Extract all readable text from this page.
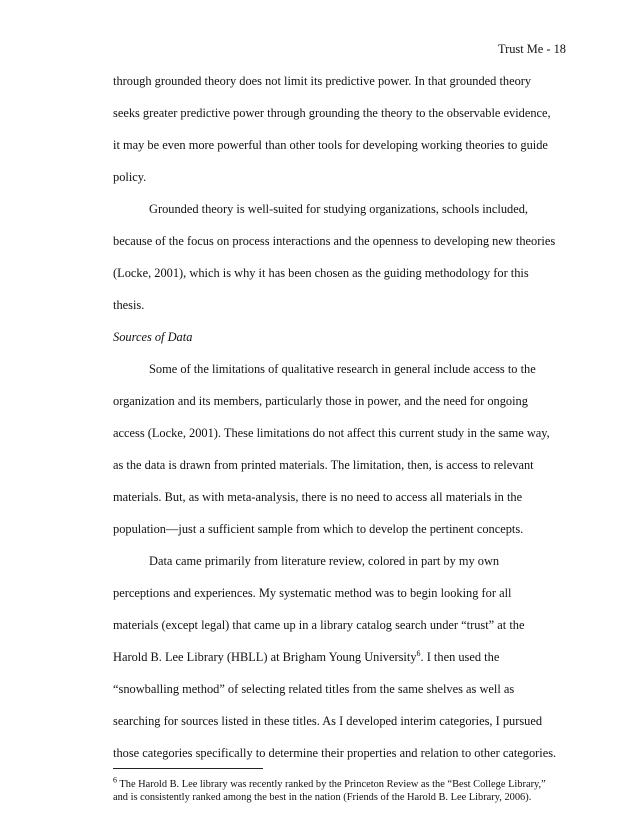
Trust Me - 18
through grounded theory does not limit its predictive power. In that grounded theory
seeks greater predictive power through grounding the theory to the observable evidence,
it may be even more powerful than other tools for developing working theories to guide
policy.
Grounded theory is well-suited for studying organizations, schools included,
because of the focus on process interactions and the openness to developing new theories
(Locke, 2001), which is why it has been chosen as the guiding methodology for this
thesis.
Sources of Data
Some of the limitations of qualitative research in general include access to the
organization and its members, particularly those in power, and the need for ongoing
access (Locke, 2001). These limitations do not affect this current study in the same way,
as the data is drawn from printed materials. The limitation, then, is access to relevant
materials. But, as with meta-analysis, there is no need to access all materials in the
population—just a sufficient sample from which to develop the pertinent concepts.
Data came primarily from literature review, colored in part by my own
perceptions and experiences. My systematic method was to begin looking for all
materials (except legal) that came up in a library catalog search under “trust” at the
Harold B. Lee Library (HBLL) at Brigham Young University$^6$. I then used the
“snowballing method” of selecting related titles from the same shelves as well as
searching for sources listed in these titles. As I developed interim categories, I pursued
those categories specifically to determine their properties and relation to other categories.
$^6$ The Harold B. Lee library was recently ranked by the Princeton Review as the “Best College Library,”
and is consistently ranked among the best in the nation (Friends of the Harold B. Lee Library, 2006).
